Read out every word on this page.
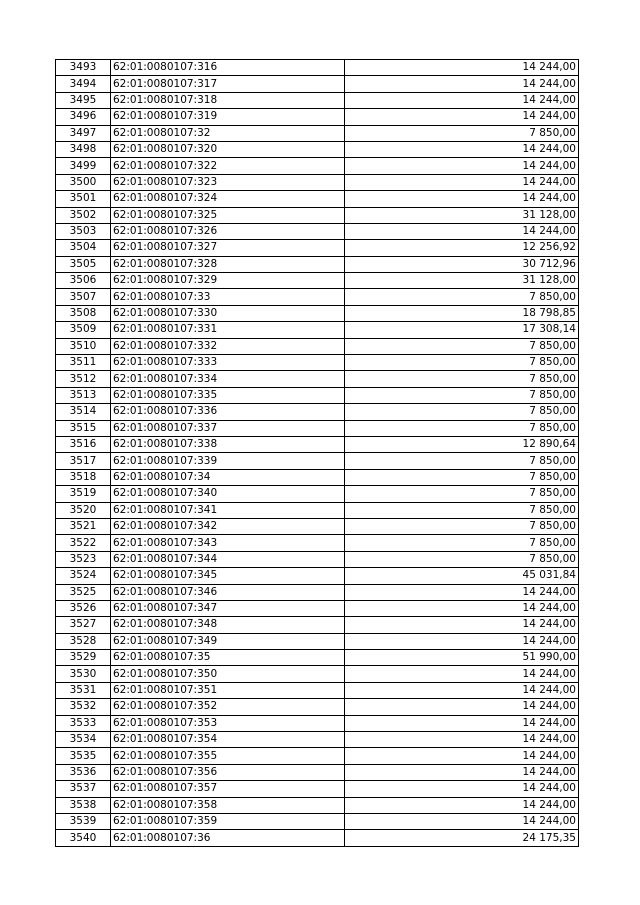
3493	62:01:0080107:316	14 244,00
3494	62:01:0080107:317	14 244,00
3495	62:01:0080107:318	14 244,00
3496	62:01:0080107:319	14 244,00
3497	62:01:0080107:32	7 850,00
3498	62:01:0080107:320	14 244,00
3499	62:01:0080107:322	14 244,00
3500	62:01:0080107:323	14 244,00
3501	62:01:0080107:324	14 244,00
3502	62:01:0080107:325	31 128,00
3503	62:01:0080107:326	14 244,00
3504	62:01:0080107:327	12 256,92
3505	62:01:0080107:328	30 712,96
3506	62:01:0080107:329	31 128,00
3507	62:01:0080107:33	7 850,00
3508	62:01:0080107:330	18 798,85
3509	62:01:0080107:331	17 308,14
3510	62:01:0080107:332	7 850,00
3511	62:01:0080107:333	7 850,00
3512	62:01:0080107:334	7 850,00
3513	62:01:0080107:335	7 850,00
3514	62:01:0080107:336	7 850,00
3515	62:01:0080107:337	7 850,00
3516	62:01:0080107:338	12 890,64
3517	62:01:0080107:339	7 850,00
3518	62:01:0080107:34	7 850,00
3519	62:01:0080107:340	7 850,00
3520	62:01:0080107:341	7 850,00
3521	62:01:0080107:342	7 850,00
3522	62:01:0080107:343	7 850,00
3523	62:01:0080107:344	7 850,00
3524	62:01:0080107:345	45 031,84
3525	62:01:0080107:346	14 244,00
3526	62:01:0080107:347	14 244,00
3527	62:01:0080107:348	14 244,00
3528	62:01:0080107:349	14 244,00
3529	62:01:0080107:35	51 990,00
3530	62:01:0080107:350	14 244,00
3531	62:01:0080107:351	14 244,00
3532	62:01:0080107:352	14 244,00
3533	62:01:0080107:353	14 244,00
3534	62:01:0080107:354	14 244,00
3535	62:01:0080107:355	14 244,00
3536	62:01:0080107:356	14 244,00
3537	62:01:0080107:357	14 244,00
3538	62:01:0080107:358	14 244,00
3539	62:01:0080107:359	14 244,00
3540	62:01:0080107:36	24 175,35
